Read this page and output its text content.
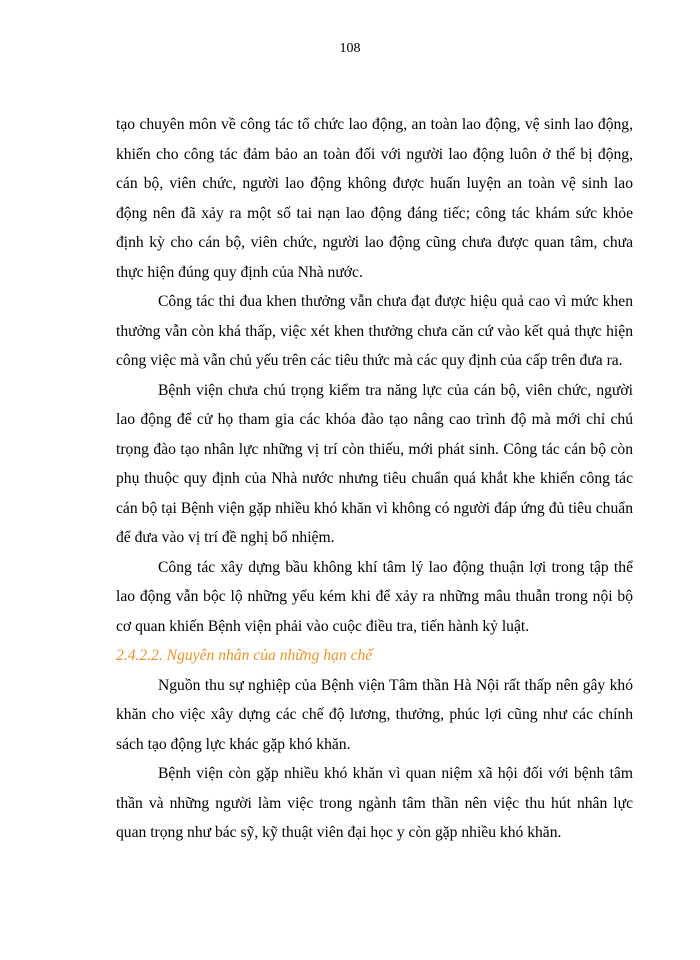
108

tạo chuyên môn về công tác tổ chức lao động, an toàn lao động, vệ sinh lao động, khiến cho công tác đảm bảo an toàn đối với người lao động luôn ở thế bị động, cán bộ, viên chức, người lao động không được huấn luyện an toàn vệ sinh lao động nên đã xảy ra một số tai nạn lao động đáng tiếc; công tác khám sức khỏe định kỳ cho cán bộ, viên chức, người lao động cũng chưa được quan tâm, chưa thực hiện đúng quy định của Nhà nước.

Công tác thi đua khen thưởng vẫn chưa đạt được hiệu quả cao vì mức khen thưởng vẫn còn khá thấp, việc xét khen thưởng chưa căn cứ vào kết quả thực hiện công việc mà vẫn chủ yếu trên các tiêu thức mà các quy định của cấp trên đưa ra.

Bệnh viện chưa chú trọng kiểm tra năng lực của cán bộ, viên chức, người lao động để cử họ tham gia các khóa đào tạo nâng cao trình độ mà mới chỉ chú trọng đào tạo nhân lực những vị trí còn thiếu, mới phát sinh. Công tác cán bộ còn phụ thuộc quy định của Nhà nước nhưng tiêu chuẩn quá khắt khe khiến công tác cán bộ tại Bệnh viện gặp nhiều khó khăn vì không có người đáp ứng đủ tiêu chuẩn để đưa vào vị trí đề nghị bổ nhiệm.

Công tác xây dựng bầu không khí tâm lý lao động thuận lợi trong tập thể lao động vẫn bộc lộ những yếu kém khi để xảy ra những mâu thuẫn trong nội bộ cơ quan khiến Bệnh viện phải vào cuộc điều tra, tiến hành kỷ luật.

2.4.2.2. Nguyên nhân của những hạn chế

Nguồn thu sự nghiệp của Bệnh viện Tâm thần Hà Nội rất thấp nên gây khó khăn cho việc xây dựng các chế độ lương, thưởng, phúc lợi cũng như các chính sách tạo động lực khác gặp khó khăn.

Bệnh viện còn gặp nhiều khó khăn vì quan niệm xã hội đối với bệnh tâm thần và những người làm việc trong ngành tâm thần nên việc thu hút nhân lực quan trọng như bác sỹ, kỹ thuật viên đại học y còn gặp nhiều khó khăn.
